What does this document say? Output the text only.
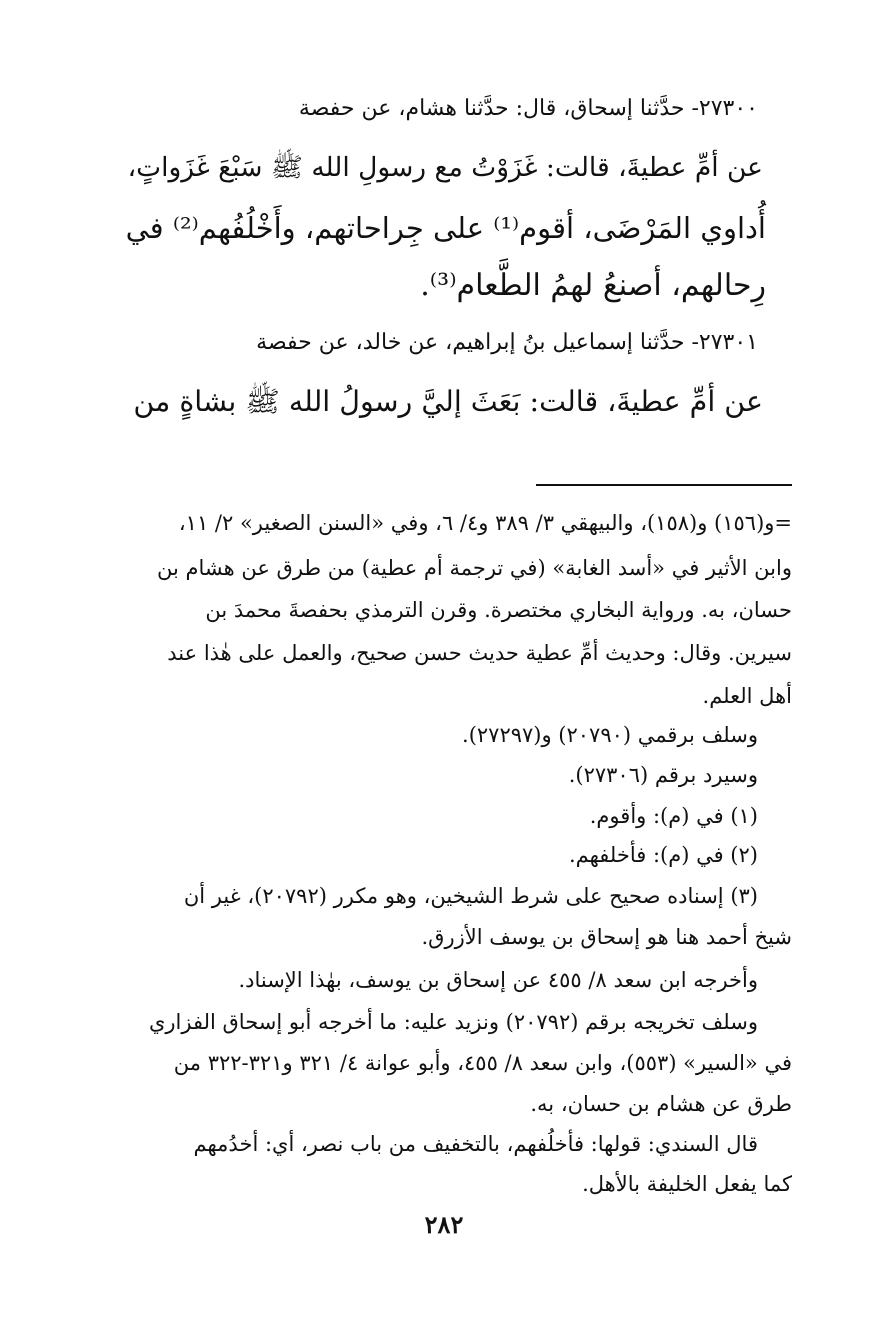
٢٧٣٠٠- حدَّثنا إسحاق، قال: حدَّثنا هشام، عن حفصة
عن أمِّ عطيةَ، قالت: غَزَوْتُ مع رسولِ الله ﷺ سَبْعَ غَزَواتٍ،
أُداوي المَرْضَى، أقوم⁽¹⁾ على جِراحاتهم، وأَخْلُفُهم⁽²⁾ في
رِحالهم، أصنعُ لهمُ الطَّعام⁽³⁾.
٢٧٣٠١- حدَّثنا إسماعيل بنُ إبراهيم، عن خالد، عن حفصة
عن أمِّ عطيةَ، قالت: بَعَثَ إليَّ رسولُ الله ﷺ بشاةٍ من
=و(١٥٦) و(١٥٨)، والبيهقي ٣/ ٣٨٩ و٤/ ٦، وفي «السنن الصغير» ٢/ ١١،
وابن الأثير في «أسد الغابة» (في ترجمة أم عطية) من طرق عن هشام بن
حسان، به. ورواية البخاري مختصرة. وقرن الترمذي بحفصةَ محمدَ بن
سيرين. وقال: وحديث أمِّ عطية حديث حسن صحيح، والعمل على هٰذا عند
أهل العلم.
وسلف برقمي (٢٠٧٩٠) و(٢٧٢٩٧).
وسيرد برقم (٢٧٣٠٦).
(١) في (م): وأقوم.
(٢) في (م): فأخلفهم.
(٣) إسناده صحيح على شرط الشيخين، وهو مكرر (٢٠٧٩٢)، غير أن
شيخ أحمد هنا هو إسحاق بن يوسف الأزرق.
وأخرجه ابن سعد ٨/ ٤٥٥ عن إسحاق بن يوسف، بهٰذا الإسناد.
وسلف تخريجه برقم (٢٠٧٩٢) ونزيد عليه: ما أخرجه أبو إسحاق الفزاري
في «السير» (٥٥٣)، وابن سعد ٨/ ٤٥٥، وأبو عوانة ٤/ ٣٢١ و٣٢١-٣٢٢ من
طرق عن هشام بن حسان، به.
قال السندي: قولها: فأخلُفهم، بالتخفيف من باب نصر، أي: أخدُمهم
كما يفعل الخليفة بالأهل.
٢٨٢
